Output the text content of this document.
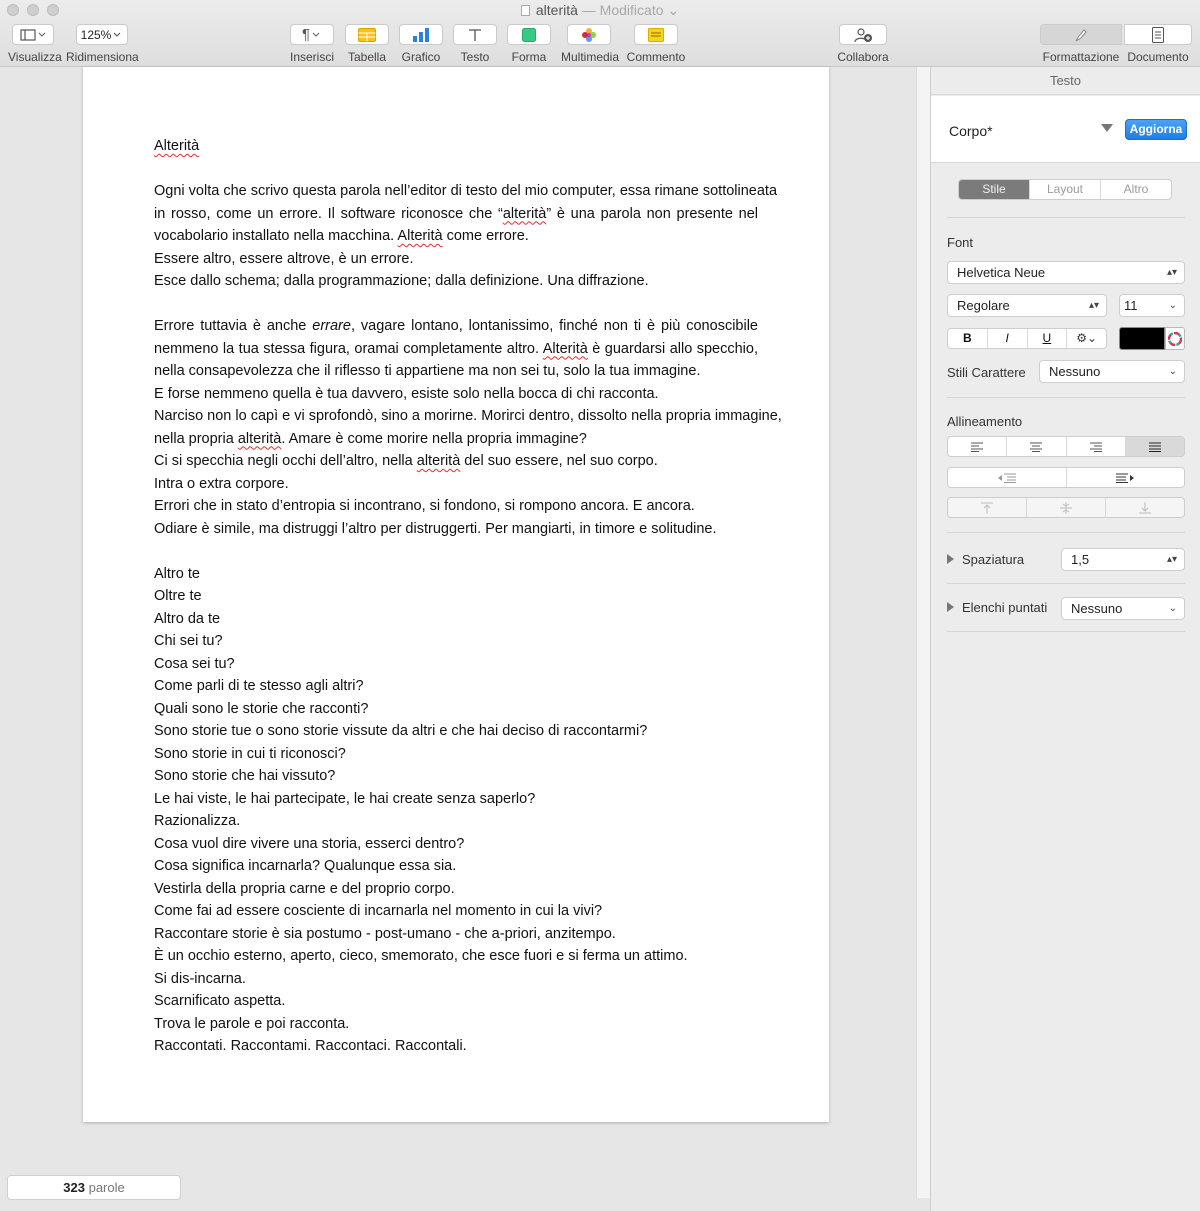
alterità — Modificato ⌄
Visualizza
125%
Ridimensiona
¶
Inserisci	Tabella	Grafico	Testo	Forma	Multimedia Commento	Collabora	Formattazione Documento
Alterità
Ogni volta che scrivo questa parola nell’editor di testo del mio computer, essa rimane sottolineata
in rosso, come un errore. Il software riconosce che “alterità” è una parola non presente nel
vocabolario installato nella macchina. Alterità come errore.
Essere altro, essere altrove, è un errore.
Esce dallo schema; dalla programmazione; dalla definizione. Una diffrazione.
Errore tuttavia è anche errare, vagare lontano, lontanissimo, finché non ti è più conoscibile
nemmeno la tua stessa figura, oramai completamente altro. Alterità è guardarsi allo specchio,
nella consapevolezza che il riflesso ti appartiene ma non sei tu, solo la tua immagine.
E forse nemmeno quella è tua davvero, esiste solo nella bocca di chi racconta.
Narciso non lo capì e vi sprofondò, sino a morirne. Morirci dentro, dissolto nella propria immagine,
nella propria alterità. Amare è come morire nella propria immagine?
Ci si specchia negli occhi dell’altro, nella alterità del suo essere, nel suo corpo.
Intra o extra corpore.
Errori che in stato d’entropia si incontrano, si fondono, si rompono ancora. E ancora.
Odiare è simile, ma distruggi l’altro per distruggerti. Per mangiarti, in timore e solitudine.
Altro te
Oltre te
Altro da te
Chi sei tu?
Cosa sei tu?
Come parli di te stesso agli altri?
Quali sono le storie che racconti?
Sono storie tue o sono storie vissute da altri e che hai deciso di raccontarmi?
Sono storie in cui ti riconosci?
Sono storie che hai vissuto?
Le hai viste, le hai partecipate, le hai create senza saperlo?
Razionalizza.
Cosa vuol dire vivere una storia, esserci dentro?
Cosa significa incarnarla? Qualunque essa sia.
Vestirla della propria carne e del proprio corpo.
Come fai ad essere cosciente di incarnarla nel momento in cui la vivi?
Raccontare storie è sia postumo - post-umano - che a-priori, anzitempo.
È un occhio esterno, aperto, cieco, smemorato, che esce fuori e si ferma un attimo.
Si dis-incarna.
Scarnificato aspetta.
Trova le parole e poi racconta.
Raccontati. Raccontami. Raccontaci. Raccontali.
323 parole
Testo
Corpo*	Aggiorna
Stile	Layout	Altro
Font
Helvetica Neue	▴▾
Regolare	▴▾	11	⌄
B	I	U	⚙︎⌄
Stili Carattere	Nessuno	⌄
Allineamento
Spaziatura	1,5	▴▾
Elenchi puntati	Nessuno	⌄
